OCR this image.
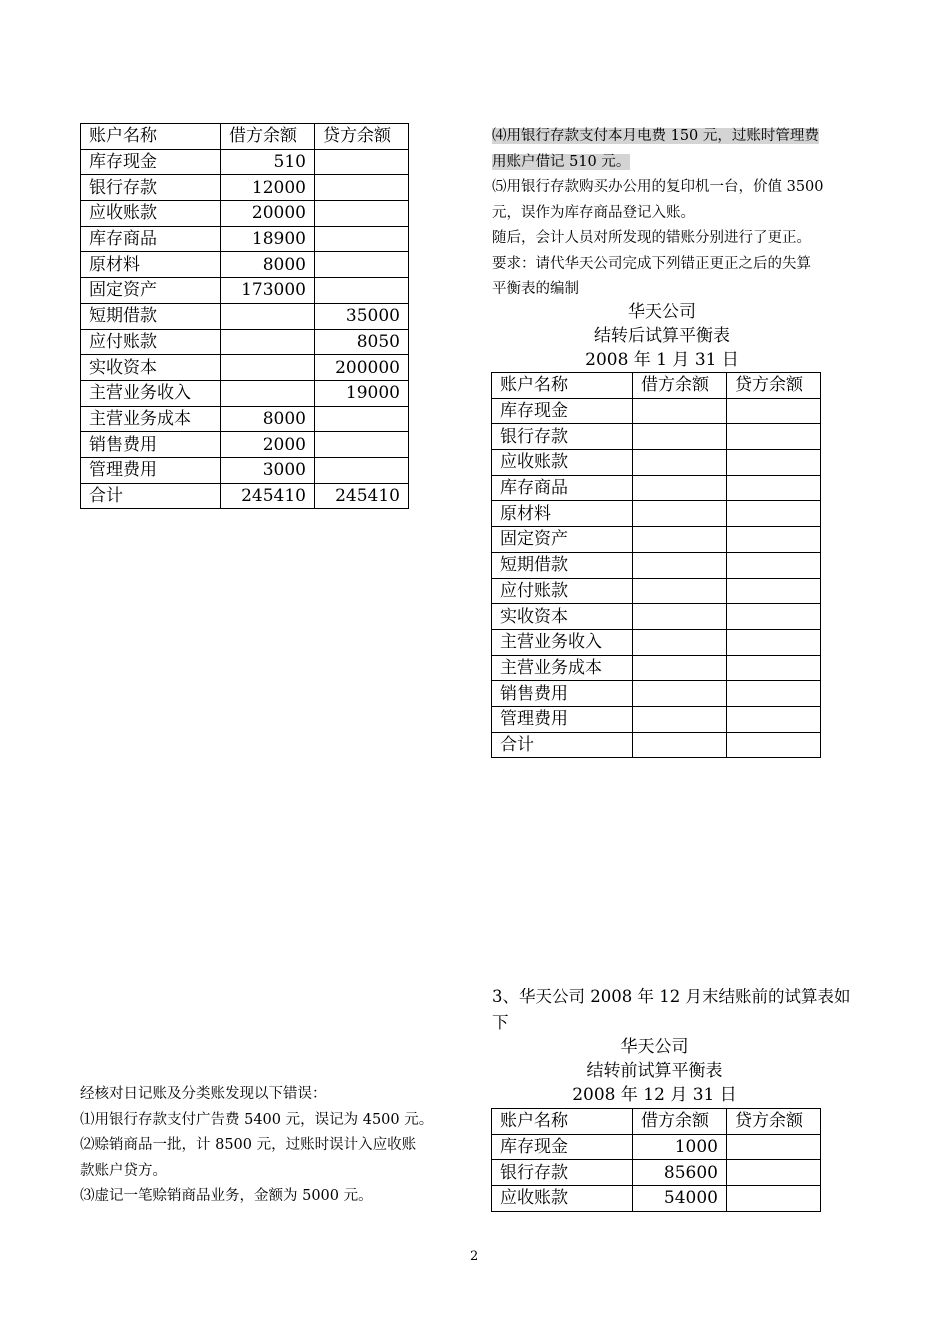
账户名称	借方余额	贷方余额
库存现金	510	
银行存款	12000	
应收账款	20000	
库存商品	18900	
原材料	8000	
固定资产	173000	
短期借款		35000
应付账款		8050
实收资本		200000
主营业务收入		19000
主营业务成本	8000	
销售费用	2000	
管理费用	3000	
合计	245410	245410
⑷用银行存款支付本月电费 150 元，过账时管理费
用账户借记 510 元。
⑸用银行存款购买办公用的复印机一台，价值 3500
元，误作为库存商品登记入账。
随后，会计人员对所发现的错账分别进行了更正。
要求：请代华天公司完成下列错正更正之后的失算
平衡表的编制
华天公司
结转后试算平衡表
2008 年 1 月 31 日
账户名称	借方余额	贷方余额
库存现金		
银行存款		
应收账款		
库存商品		
原材料		
固定资产		
短期借款		
应付账款		
实收资本		
主营业务收入		
主营业务成本		
销售费用		
管理费用		
合计		
3、华天公司 2008 年 12 月末结账前的试算表如
下
华天公司
结转前试算平衡表
2008 年 12 月 31 日
账户名称	借方余额	贷方余额
库存现金	1000	
银行存款	85600	
应收账款	54000	
经核对日记账及分类账发现以下错误：
⑴用银行存款支付广告费 5400 元，误记为 4500 元。
⑵赊销商品一批，计 8500 元，过账时误计入应收账
款账户贷方。
⑶虚记一笔赊销商品业务，金额为 5000 元。
2
